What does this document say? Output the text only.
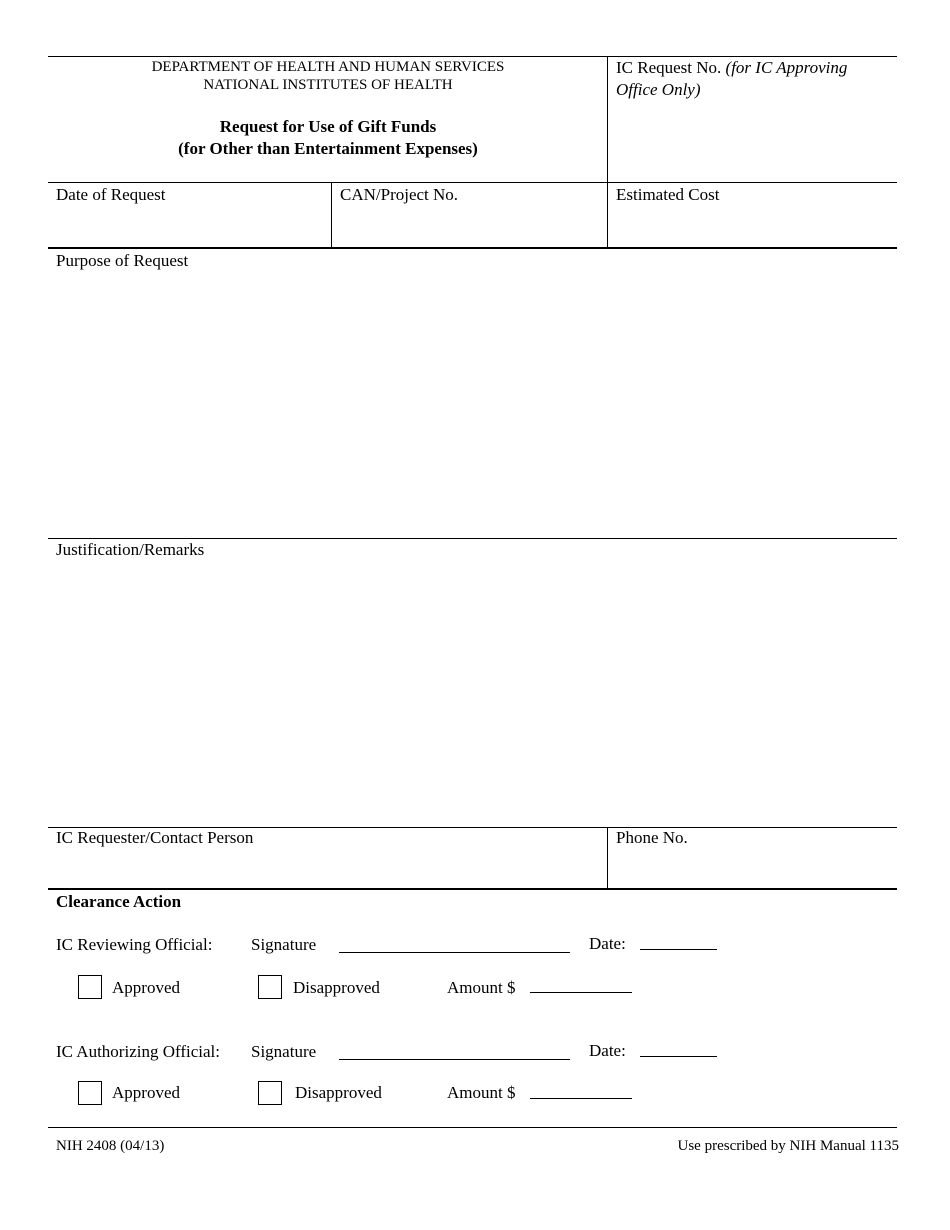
DEPARTMENT OF HEALTH AND HUMAN SERVICES
NATIONAL INSTITUTES OF HEALTH
Request for Use of Gift Funds
(for Other than Entertainment Expenses)
IC Request No. (for IC Approving
Office Only)
Date of Request	CAN/Project No.	Estimated Cost
Purpose of Request
Justification/Remarks
IC Requester/Contact Person	Phone No.
Clearance Action
IC Reviewing Official: Signature	Date:
Approved	Disapproved	Amount $
IC Authorizing Official: Signature	Date:
Approved	Disapproved	Amount $
NIH 2408 (04/13)	Use prescribed by NIH Manual 1135
